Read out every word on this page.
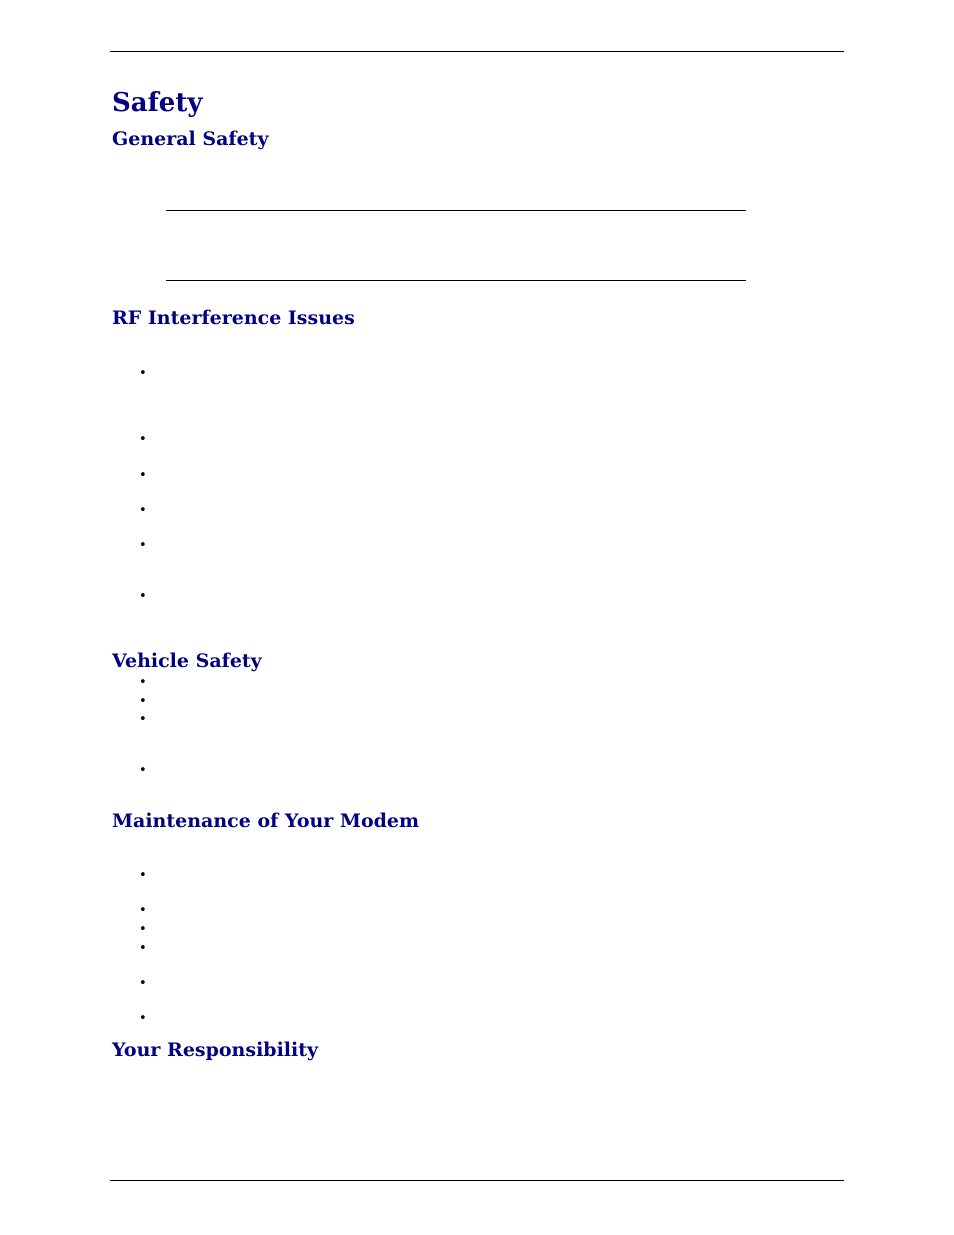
Safety
General Safety
RF Interference Issues
•
•
•
•
•
•
Vehicle Safety
•
•
•
•
Maintenance of Your Modem
•
•
•
•
•
•
Your Responsibility
